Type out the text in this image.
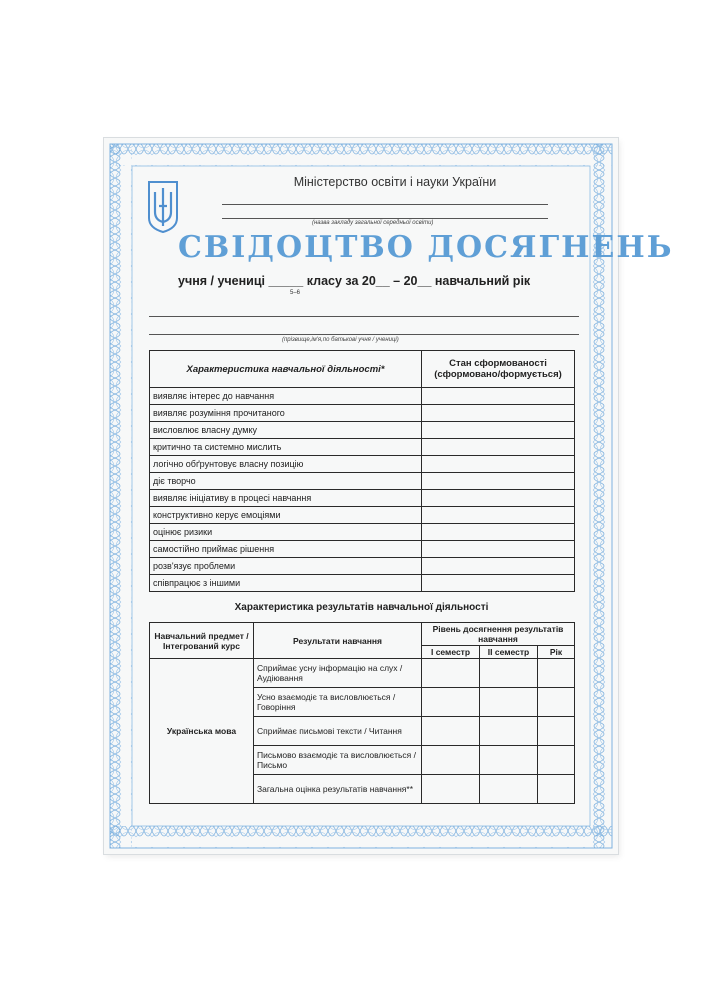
Міністерство освіти і науки України
(назва закладу загальної середньої освіти)
СВІДОЦТВО ДОСЯГНЕНЬ
учня / учениці _____ класу за 20__ – 20__ навчальний рік
5–6
(прізвище,ім'я,по батькові учня / учениці)
Характеристика навчальної діяльності*	Стан сформованості (сформовано/формується)
виявляє інтерес до навчання	
виявляє розуміння прочитаного	
висловлює власну думку	
критично та системно мислить	
логічно обґрунтовує власну позицію	
діє творчо	
виявляє ініціативу в процесі навчання	
конструктивно керує емоціями	
оцінює ризики	
самостійно приймає рішення	
розв'язує проблеми	
співпрацює з іншими	
Характеристика результатів навчальної діяльності
Навчальний предмет / Інтегрований курс	Результати навчання	Рівень досягнення результатів навчання		
		I семестр	II семестр	Рік
Українська мова	Сприймає усну інформацію на слух / Аудіювання			
	Усно взаємодіє та висловлюється / Говоріння			
	Сприймає письмові тексти / Читання			
	Письмово взаємодіє та висловлюється / Письмо			
	Загальна оцінка результатів навчання**			
